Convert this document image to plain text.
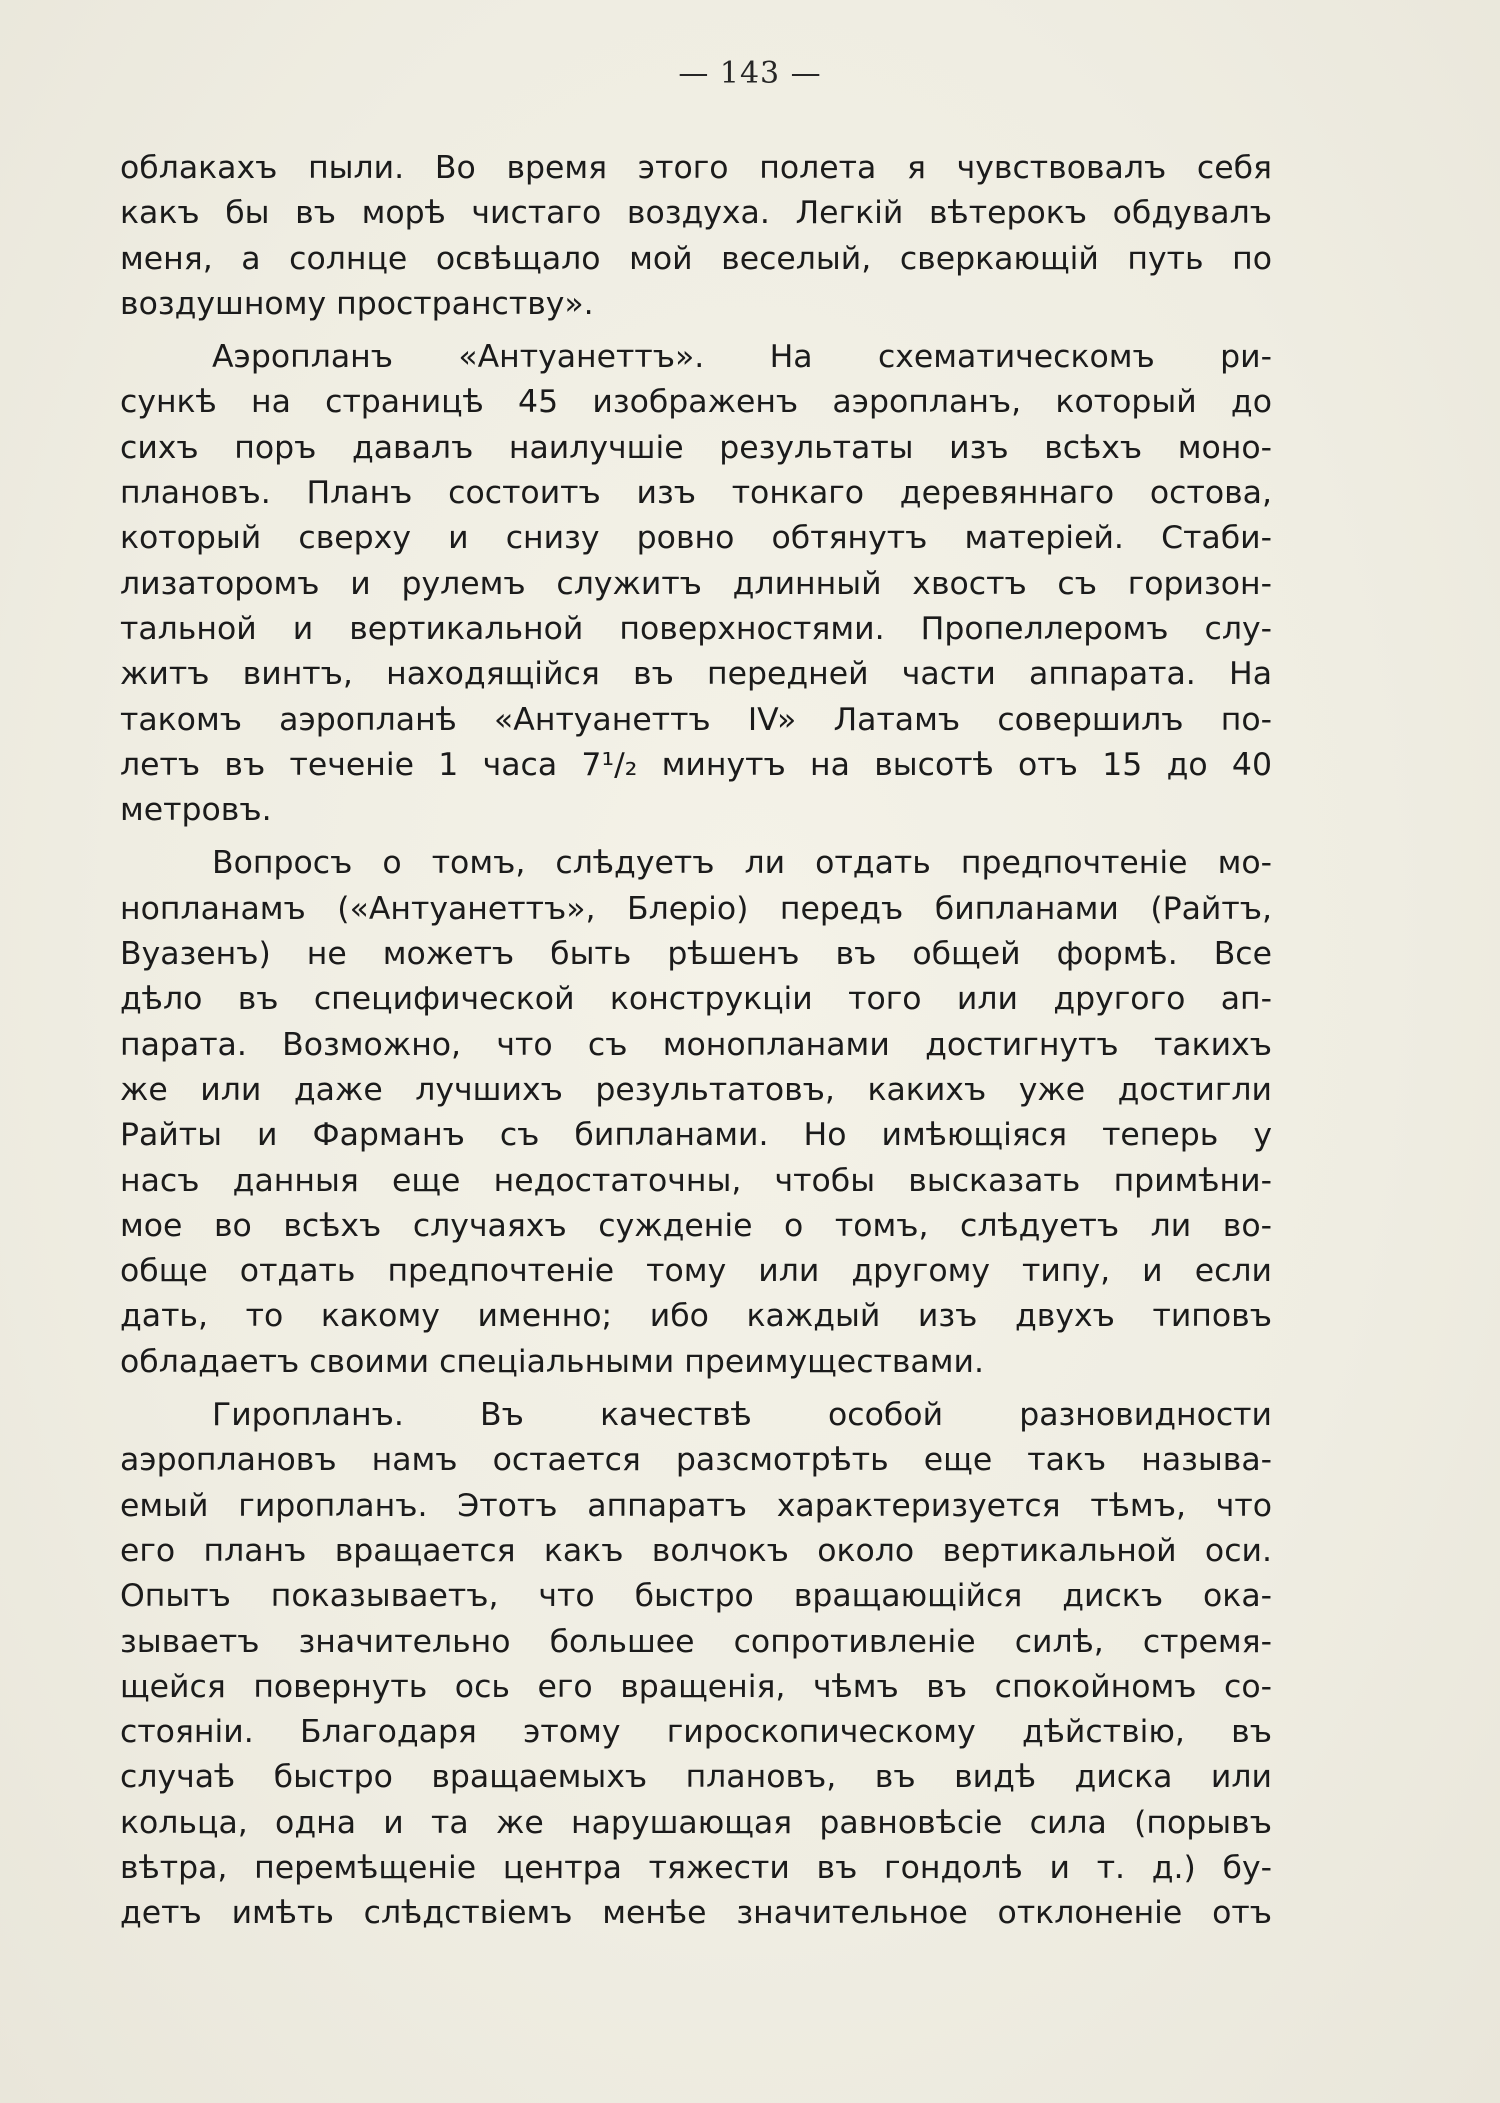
— 143 —
облакахъ пыли. Во время этого полета я чувствовалъ себя
какъ бы въ морѣ чистаго воздуха. Легкій вѣтерокъ обдувалъ
меня, а солнце освѣщало мой веселый, сверкающій путь по
воздушному пространству».
Аэропланъ «Антуанеттъ». На схематическомъ ри-
сункѣ на страницѣ 45 изображенъ аэропланъ, который до
сихъ поръ давалъ наилучшіе результаты изъ всѣхъ моно-
плановъ. Планъ состоитъ изъ тонкаго деревяннаго остова,
который сверху и снизу ровно обтянутъ матеріей. Стаби-
лизаторомъ и рулемъ служитъ длинный хвостъ съ горизон-
тальной и вертикальной поверхностями. Пропеллеромъ слу-
житъ винтъ, находящійся въ передней части аппарата. На
такомъ аэропланѣ «Антуанеттъ IV» Латамъ совершилъ по-
летъ въ теченіе 1 часа 7¹/₂ минутъ на высотѣ отъ 15 до 40
метровъ.
Вопросъ о томъ, слѣдуетъ ли отдать предпочтеніе мо-
нопланамъ («Антуанеттъ», Блеріо) передъ бипланами (Райтъ,
Вуазенъ) не можетъ быть рѣшенъ въ общей формѣ. Все
дѣло въ специфической конструкціи того или другого ап-
парата. Возможно, что съ монопланами достигнутъ такихъ
же или даже лучшихъ результатовъ, какихъ уже достигли
Райты и Фарманъ съ бипланами. Но имѣющіяся теперь у
насъ данныя еще недостаточны, чтобы высказать примѣни-
мое во всѣхъ случаяхъ сужденіе о томъ, слѣдуетъ ли во-
обще отдать предпочтеніе тому или другому типу, и если
дать, то какому именно; ибо каждый изъ двухъ типовъ
обладаетъ своими спеціальными преимуществами.
Гиропланъ. Въ качествѣ особой разновидности
аэроплановъ намъ остается разсмотрѣть еще такъ называ-
емый гиропланъ. Этотъ аппаратъ характеризуется тѣмъ, что
его планъ вращается какъ волчокъ около вертикальной оси.
Опытъ показываетъ, что быстро вращающійся дискъ ока-
зываетъ значительно большее сопротивленіе силѣ, стремя-
щейся повернуть ось его вращенія, чѣмъ въ спокойномъ со-
стояніи. Благодаря этому гироскопическому дѣйствію, въ
случаѣ быстро вращаемыхъ плановъ, въ видѣ диска или
кольца, одна и та же нарушающая равновѣсіе сила (порывъ
вѣтра, перемѣщеніе центра тяжести въ гондолѣ и т. д.) бу-
детъ имѣть слѣдствіемъ менѣе значительное отклоненіе отъ
